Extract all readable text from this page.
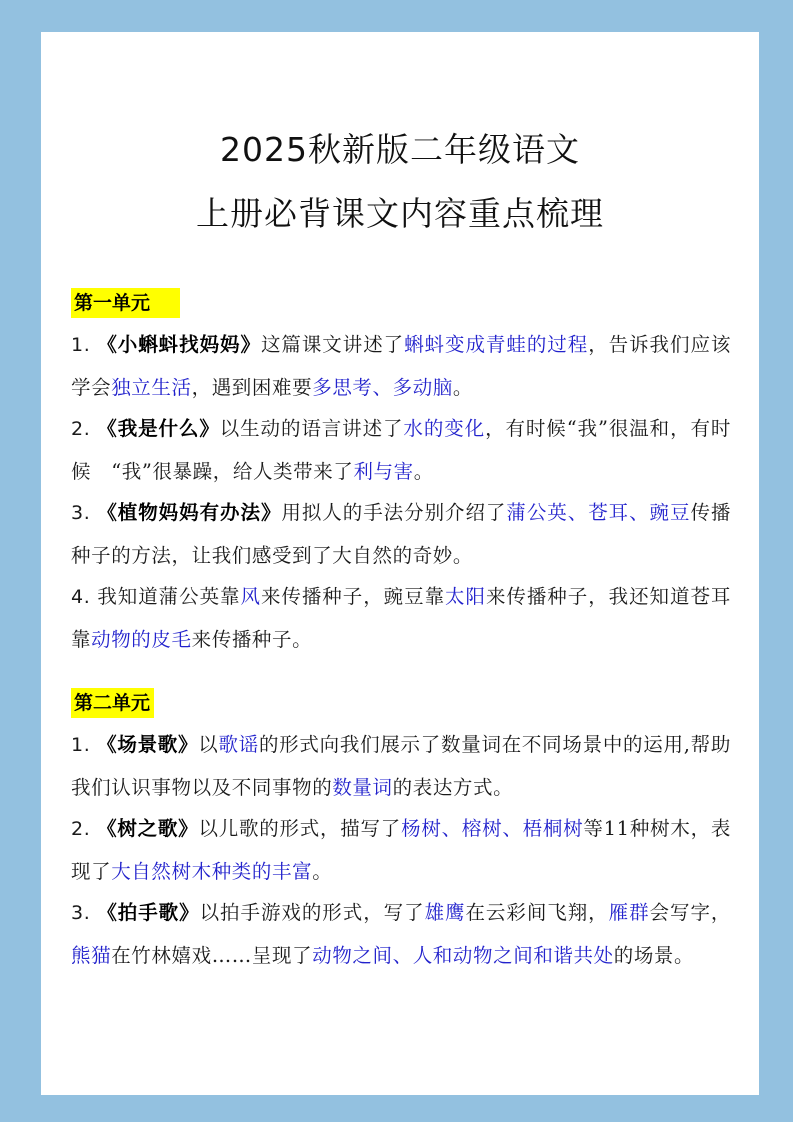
2025秋新版二年级语文
上册必背课文内容重点梳理
第一单元
1. 《小蝌蚪找妈妈》这篇课文讲述了蝌蚪变成青蛙的过程，告诉我们应该学会独立生活，遇到困难要多思考、多动脑。
2. 《我是什么》以生动的语言讲述了水的变化，有时候“我”很温和，有时候　“我”很暴躁，给人类带来了利与害。
3. 《植物妈妈有办法》用拟人的手法分别介绍了蒲公英、苍耳、豌豆传播种子的方法，让我们感受到了大自然的奇妙。
4. 我知道蒲公英靠风来传播种子，豌豆靠太阳来传播种子，我还知道苍耳靠动物的皮毛来传播种子。
第二单元
1. 《场景歌》以歌谣的形式向我们展示了数量词在不同场景中的运用,帮助我们认识事物以及不同事物的数量词的表达方式。
2. 《树之歌》以儿歌的形式，描写了杨树、榕树、梧桐树等11种树木，表现了大自然树木种类的丰富。
3. 《拍手歌》以拍手游戏的形式，写了雄鹰在云彩间飞翔，雁群会写字，熊猫在竹林嬉戏……呈现了动物之间、人和动物之间和谐共处的场景。
